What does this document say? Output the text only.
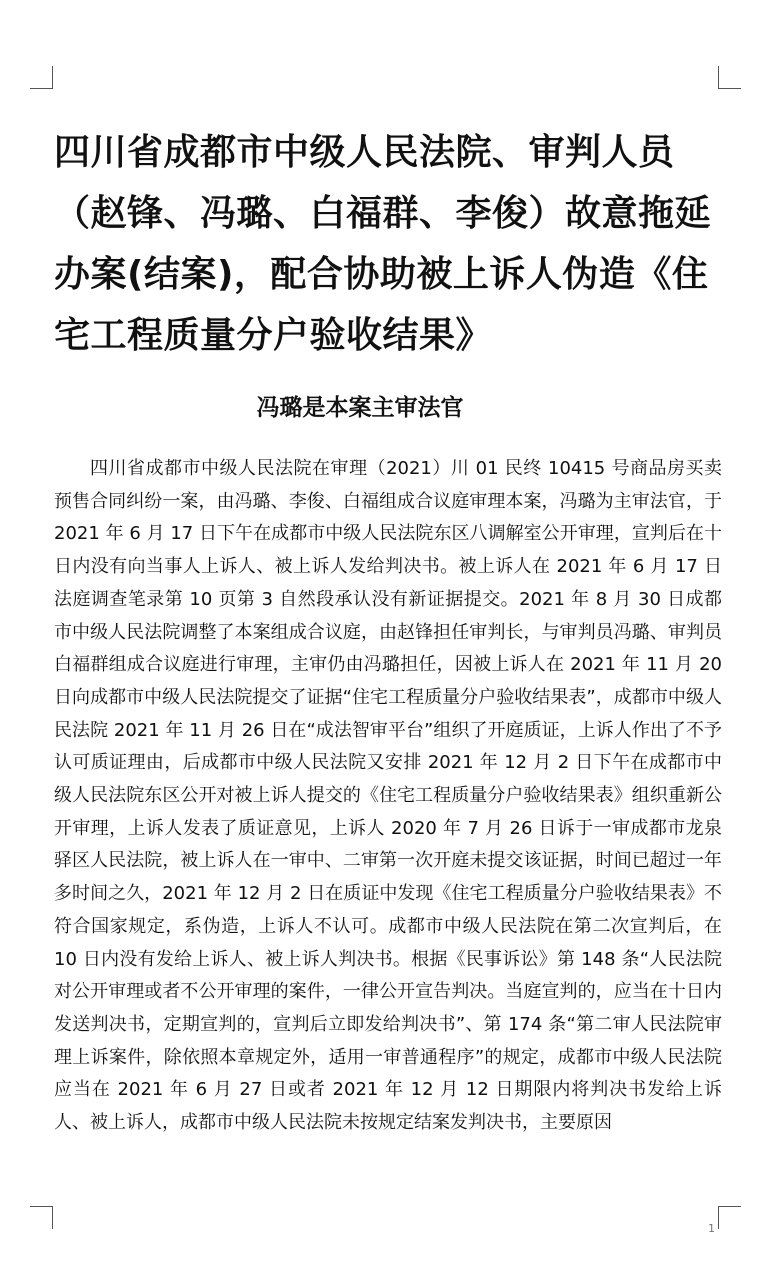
四川省成都市中级人民法院、审判人员（赵锋、冯璐、白福群、李俊）故意拖延办案(结案)，配合协助被上诉人伪造《住宅工程质量分户验收结果》
冯璐是本案主审法官

四川省成都市中级人民法院在审理（2021）川 01 民终 10415 号商品房买卖预售合同纠纷一案，由冯璐、李俊、白福组成合议庭审理本案，冯璐为主审法官，于 2021 年 6 月 17 日下午在成都市中级人民法院东区八调解室公开审理，宣判后在十日内没有向当事人上诉人、被上诉人发给判决书。被上诉人在 2021 年 6 月 17 日法庭调查笔录第 10 页第 3 自然段承认没有新证据提交。2021 年 8 月 30 日成都市中级人民法院调整了本案组成合议庭，由赵锋担任审判长，与审判员冯璐、审判员白福群组成合议庭进行审理，主审仍由冯璐担任，因被上诉人在 2021 年 11 月 20 日向成都市中级人民法院提交了证据“住宅工程质量分户验收结果表”，成都市中级人民法院 2021 年 11 月 26 日在“成法智审平台”组织了开庭质证，上诉人作出了不予认可质证理由，后成都市中级人民法院又安排 2021 年 12 月 2 日下午在成都市中级人民法院东区公开对被上诉人提交的《住宅工程质量分户验收结果表》组织重新公开审理，上诉人发表了质证意见，上诉人 2020 年 7 月 26 日诉于一审成都市龙泉驿区人民法院，被上诉人在一审中、二审第一次开庭未提交该证据，时间已超过一年多时间之久，2021 年 12 月 2 日在质证中发现《住宅工程质量分户验收结果表》不符合国家规定，系伪造，上诉人不认可。成都市中级人民法院在第二次宣判后，在 10 日内没有发给上诉人、被上诉人判决书。根据《民事诉讼》第 148 条“人民法院对公开审理或者不公开审理的案件，一律公开宣告判决。当庭宣判的，应当在十日内发送判决书，定期宣判的，宣判后立即发给判决书”、第 174 条“第二审人民法院审理上诉案件，除依照本章规定外，适用一审普通程序”的规定，成都市中级人民法院应当在 2021 年 6 月 27 日或者 2021 年 12 月 12 日期限内将判决书发给上诉人、被上诉人，成都市中级人民法院未按规定结案发判决书，主要原因

1
